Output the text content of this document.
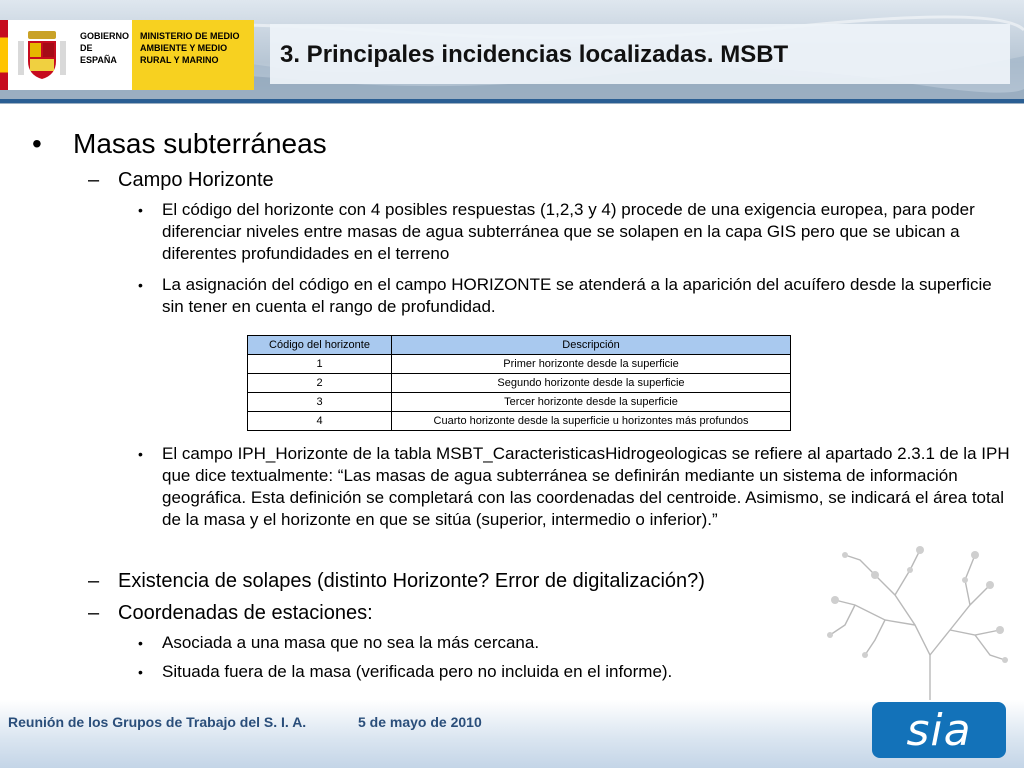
GOBIERNO DE ESPAÑA
MINISTERIO DE MEDIO AMBIENTE Y MEDIO RURAL Y MARINO	3. Principales incidencias localizadas. MSBT
• Masas subterráneas
– Campo Horizonte
• El código del horizonte con 4 posibles respuestas (1,2,3 y 4) procede de una exigencia europea, para poder diferenciar niveles entre masas de agua subterránea que se solapen en la capa GIS pero que se ubican a diferentes profundidades en el terreno
• La asignación del código en el campo HORIZONTE se atenderá a la aparición del acuífero desde la superficie sin tener en cuenta el rango de profundidad.
Código del horizonte	Descripción
1	Primer horizonte desde la superficie
2	Segundo horizonte desde la superficie
3	Tercer horizonte desde la superficie
4	Cuarto horizonte desde la superficie u horizontes más profundos
• El campo IPH_Horizonte de la tabla MSBT_CaracteristicasHidrogeologicas se refiere al apartado 2.3.1 de la IPH que dice textualmente: “Las masas de agua subterránea se definirán mediante un sistema de información geográfica. Esta definición se completará con las coordenadas del centroide. Asimismo, se indicará el área total de la masa y el horizonte en que se sitúa (superior, intermedio o inferior).”
– Existencia de solapes (distinto Horizonte? Error de digitalización?)
– Coordenadas de estaciones:
• Asociada a una masa que no sea la más cercana.
• Situada fuera de la masa (verificada pero no incluida en el informe).
Reunión de los Grupos de Trabajo del S. I. A.	5 de mayo de 2010	sia
